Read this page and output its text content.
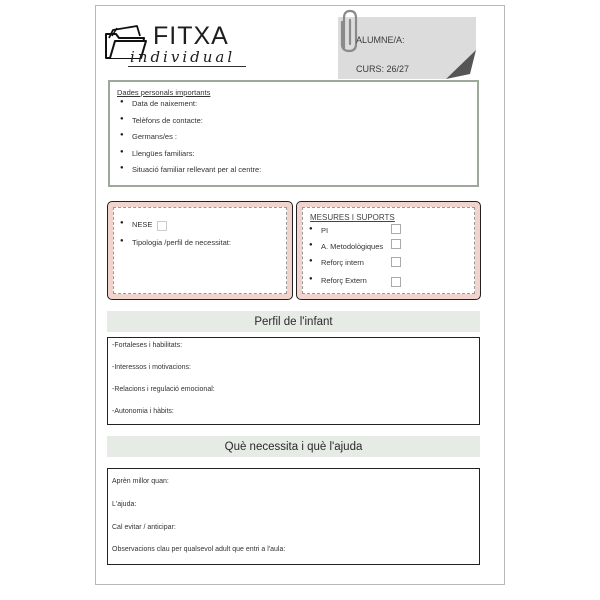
FITXA
individual
ALUMNE/A:
CURS: 26/27
Dades personals importants
● Data de naixement:
● Telèfons de contacte:
● Germans/es :
● Llengües familiars:
● Situació familiar rellevant per al centre:
● NESE
● Tipologia /perfil de necessitat:
MESURES I SUPORTS
● PI
● A. Metodològiques
● Reforç intern
● Reforç Extern
Perfil de l'infant
-Fortaleses i habilitats:
-Interessos i motivacions:
-Relacions i regulació emocional:
-Autonomia i hàbits:
Què necessita i què l'ajuda
Aprèn millor quan:
L'ajuda:
Cal evitar / anticipar:
Observacions clau per qualsevol adult que entri a l'aula:
